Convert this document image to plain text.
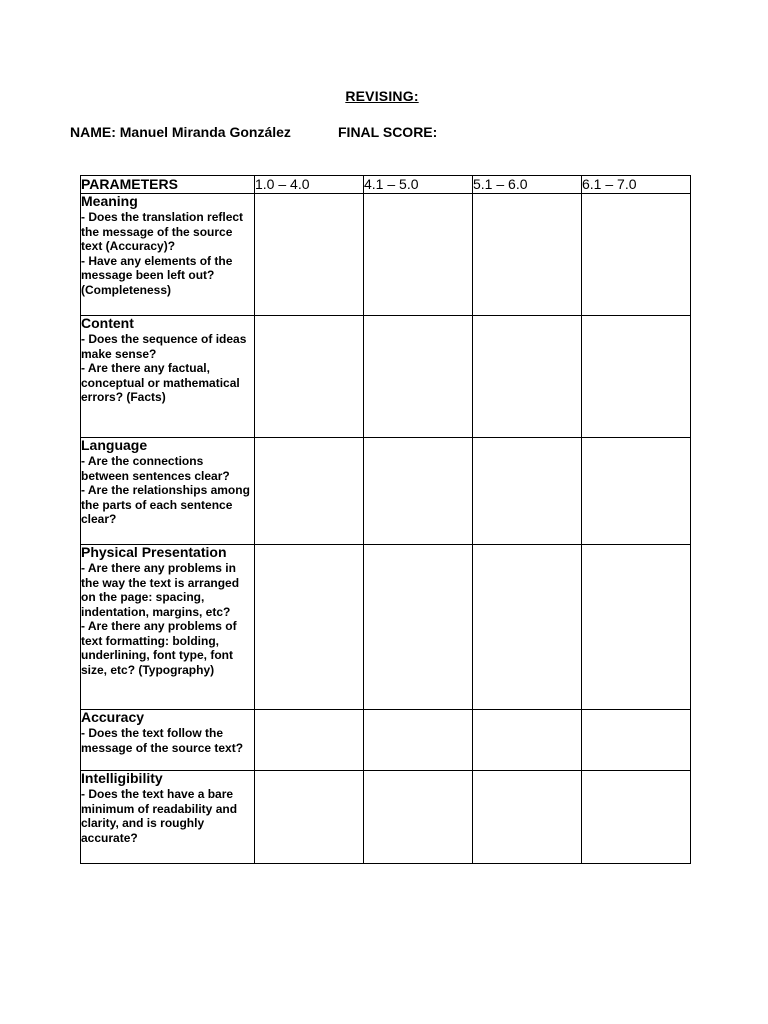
REVISING:
NAME: Manuel Miranda González	FINAL SCORE:
PARAMETERS	1.0 – 4.0	4.1 – 5.0	5.1 – 6.0	6.1 – 7.0

Meaning
- Does the translation reflect the message of the source text (Accuracy)?
- Have any elements of the message been left out? (Completeness)				

Content
- Does the sequence of ideas make sense?
- Are there any factual, conceptual or mathematical errors? (Facts)				

Language
- Are the connections between sentences clear?
- Are the relationships among the parts of each sentence clear?				

Physical Presentation
- Are there any problems in the way the text is arranged on the page: spacing, indentation, margins, etc?
- Are there any problems of text formatting: bolding, underlining, font type, font size, etc? (Typography)				

Accuracy
- Does the text follow the message of the source text?				

Intelligibility
- Does the text have a bare minimum of readability and clarity, and is roughly accurate?				
